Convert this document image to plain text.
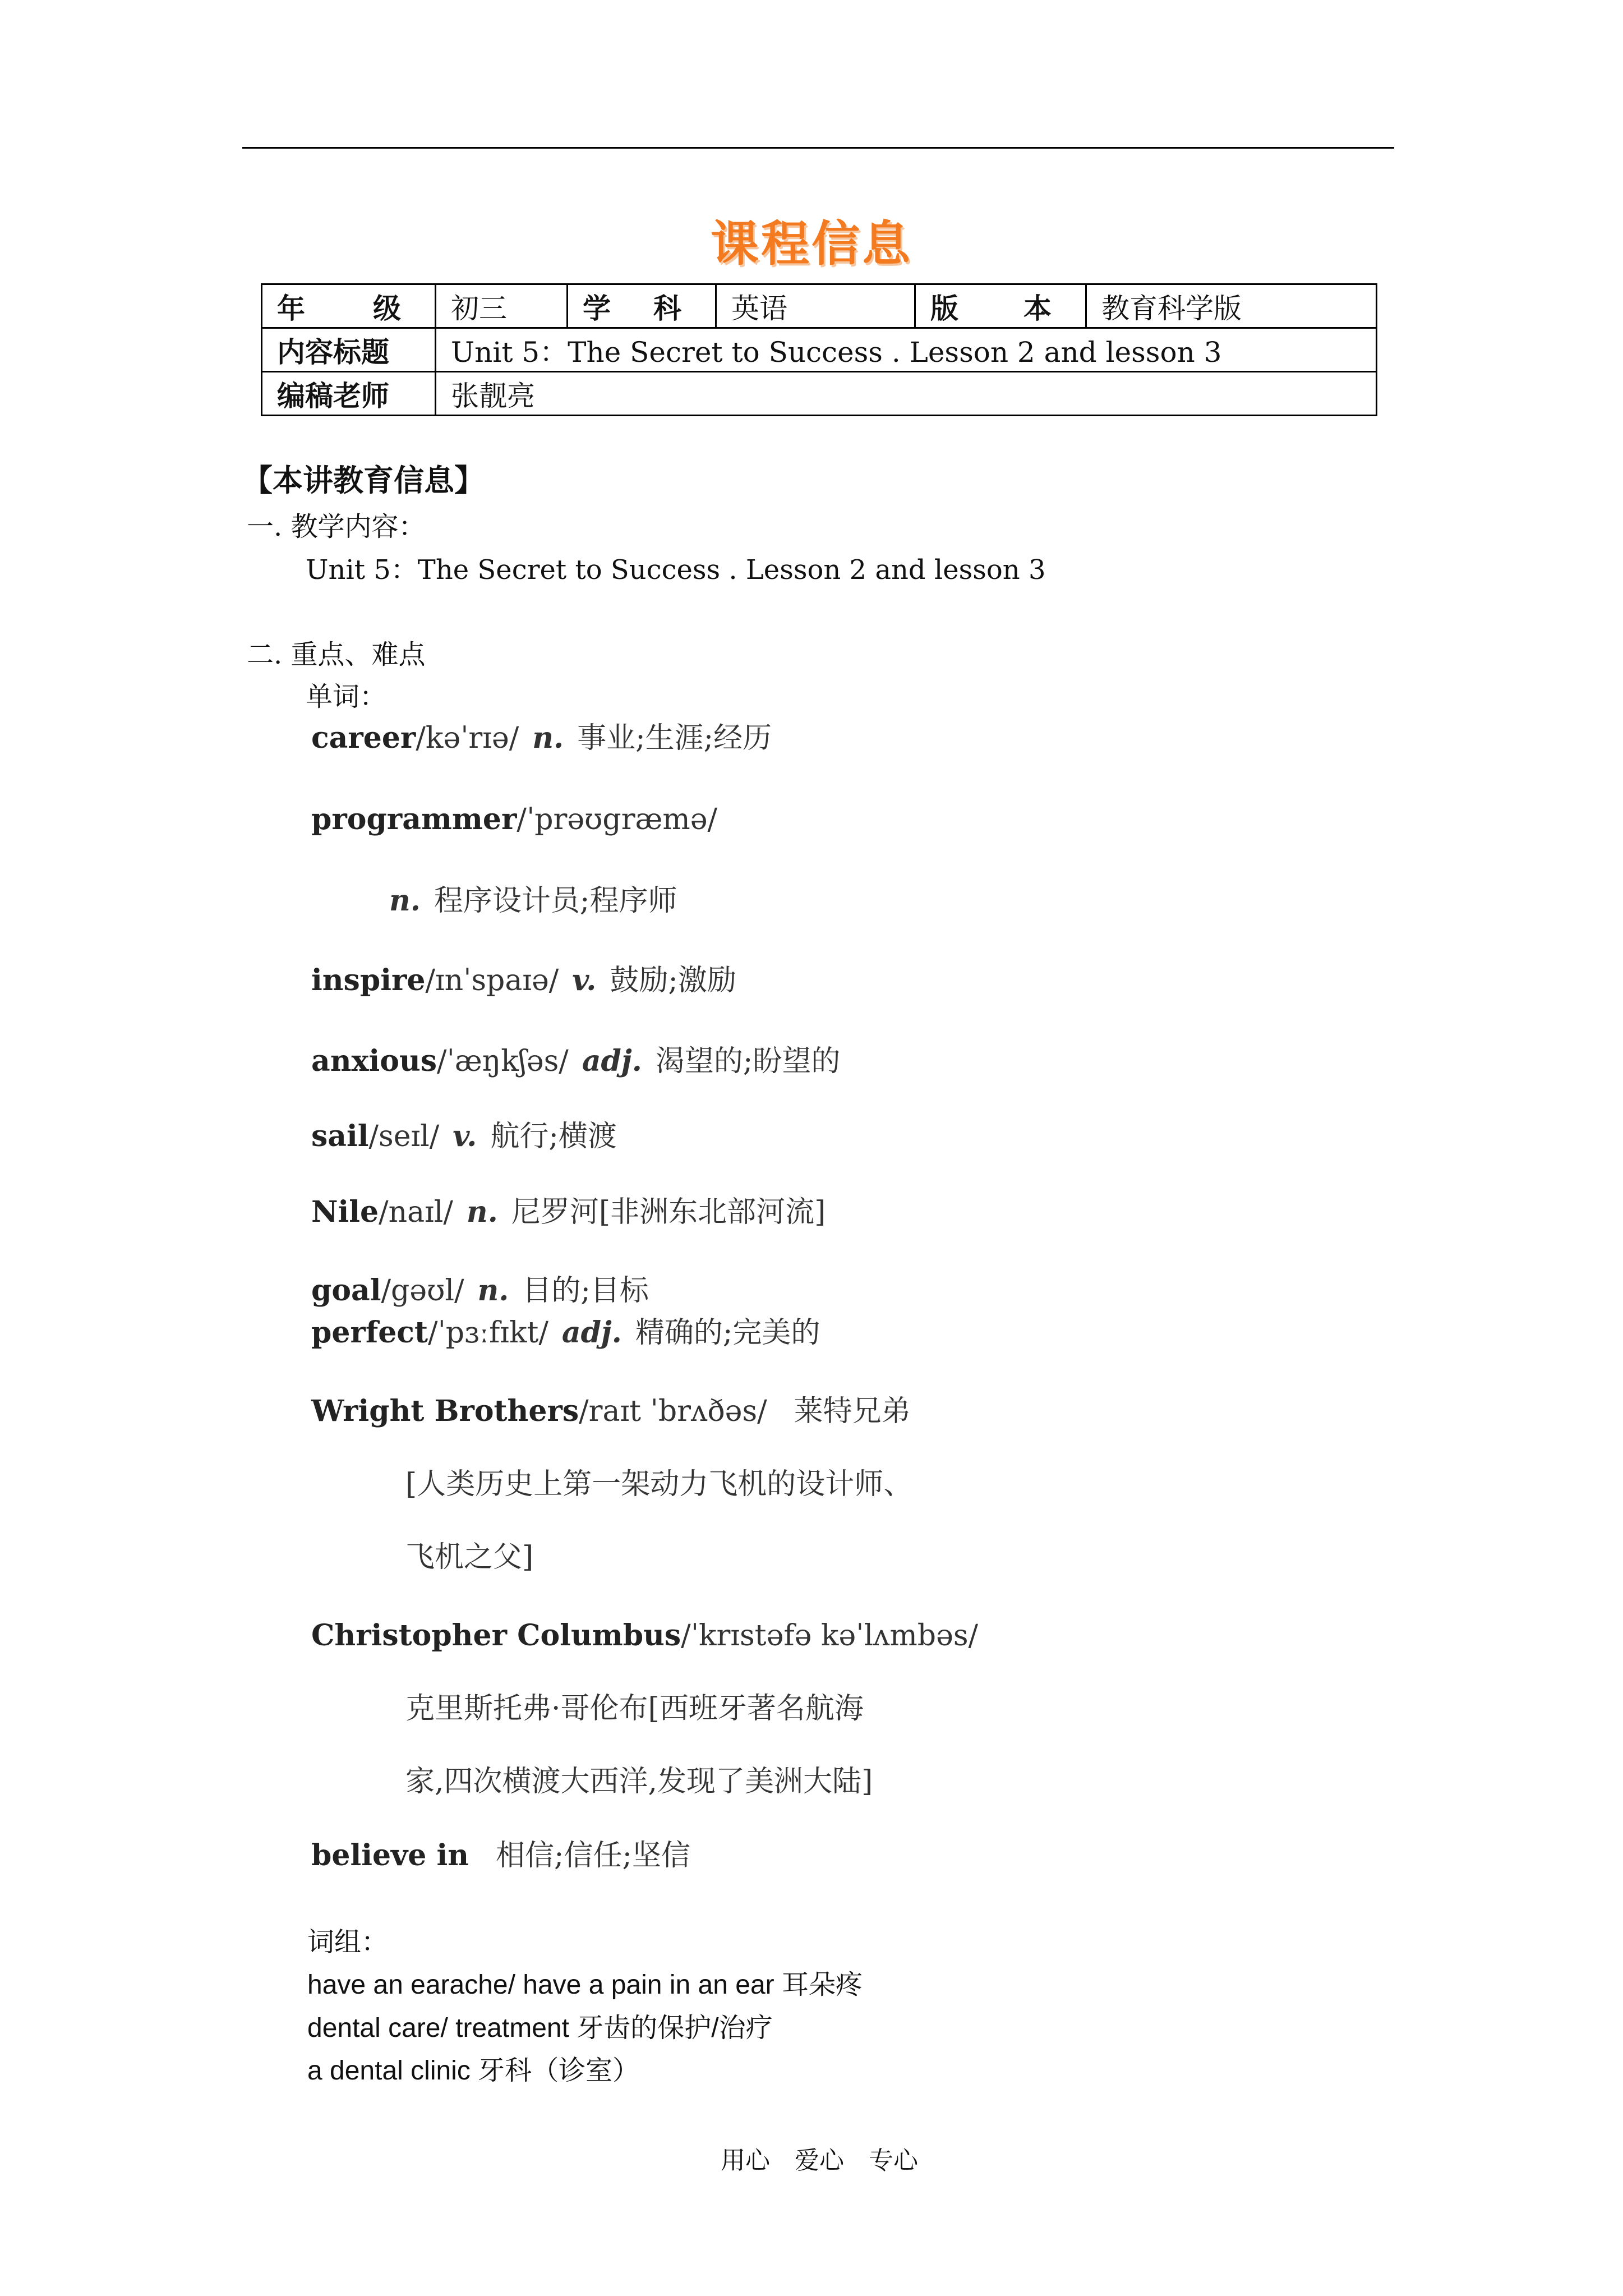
课程信息
年 级	初三	学 科	英语	版 本	教育科学版
内容标题	Unit 5：The Secret to Success . Lesson 2 and lesson 3				
编稿老师	张靓亮				
【本讲教育信息】
一. 教学内容：
Unit 5：The Secret to Success . Lesson 2 and lesson 3
二. 重点、难点
单词：
career/kəˈrɪə/ n. 事业;生涯;经历
programmer/ˈprəʊgræmə/
n. 程序设计员;程序师
inspire/ɪnˈspaɪə/ v. 鼓励;激励
anxious/ˈæŋkʃəs/ adj. 渴望的;盼望的
sail/seɪl/ v. 航行;横渡
Nile/naɪl/ n. 尼罗河[非洲东北部河流]
goal/gəʊl/ n. 目的;目标
perfect/ˈpɜːfɪkt/ adj. 精确的;完美的
Wright Brothers/raɪt ˈbrʌðəs/ 莱特兄弟
[人类历史上第一架动力飞机的设计师、
飞机之父]
Christopher Columbus/ˈkrɪstəfə kəˈlʌmbəs/
克里斯托弗·哥伦布[西班牙著名航海
家,四次横渡大西洋,发现了美洲大陆]
believe in 相信;信任;坚信
词组：
have an earache/ have a pain in an ear 耳朵疼
dental care/ treatment 牙齿的保护/治疗
a dental clinic 牙科（诊室）
用心 爱心 专心
